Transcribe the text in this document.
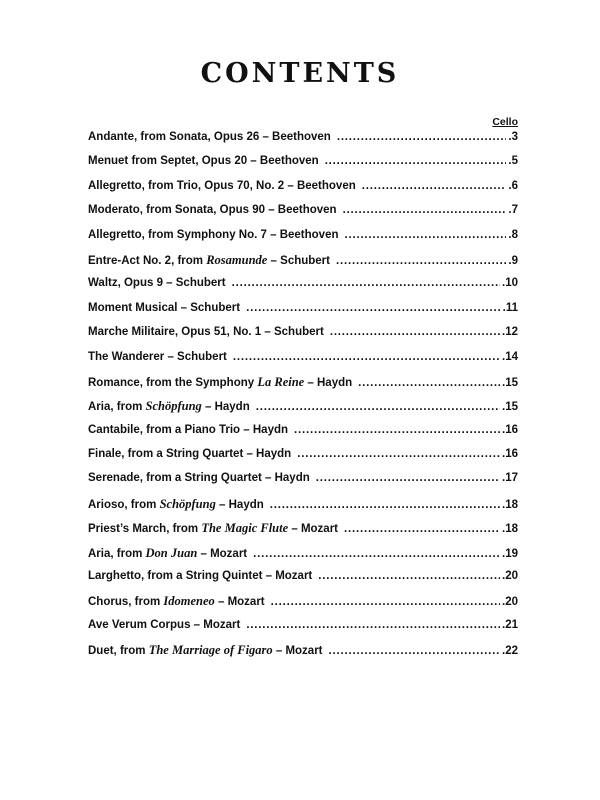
CONTENTS
Cello
Andante, from Sonata, Opus 26 – Beethoven . . .	.3
Menuet from Septet, Opus 20 – Beethoven . . .	.5
Allegretto, from Trio, Opus 70, No. 2 – Beethoven . . .	.6
Moderato, from Sonata, Opus 90 – Beethoven . . .	.7
Allegretto, from Symphony No. 7 – Beethoven . . .	.8
Entre-Act No. 2, from Rosamunde – Schubert . . .	.9
Waltz, Opus 9 – Schubert . . .	.10
Moment Musical – Schubert . . .	.11
Marche Militaire, Opus 51, No. 1 – Schubert . . .	.12
The Wanderer – Schubert . . .	.14
Romance, from the Symphony La Reine – Haydn . . .	.15
Aria, from Schöpfung – Haydn . . .	.15
Cantabile, from a Piano Trio – Haydn . . .	.16
Finale, from a String Quartet – Haydn . . .	.16
Serenade, from a String Quartet – Haydn . . .	.17
Arioso, from Schöpfung – Haydn . . .	.18
Priest’s March, from The Magic Flute – Mozart . . .	.18
Aria, from Don Juan – Mozart . . .	.19
Larghetto, from a String Quintet – Mozart . . .	.20
Chorus, from Idomeneo – Mozart . . .	.20
Ave Verum Corpus – Mozart . . .	.21
Duet, from The Marriage of Figaro – Mozart . . .	.22
